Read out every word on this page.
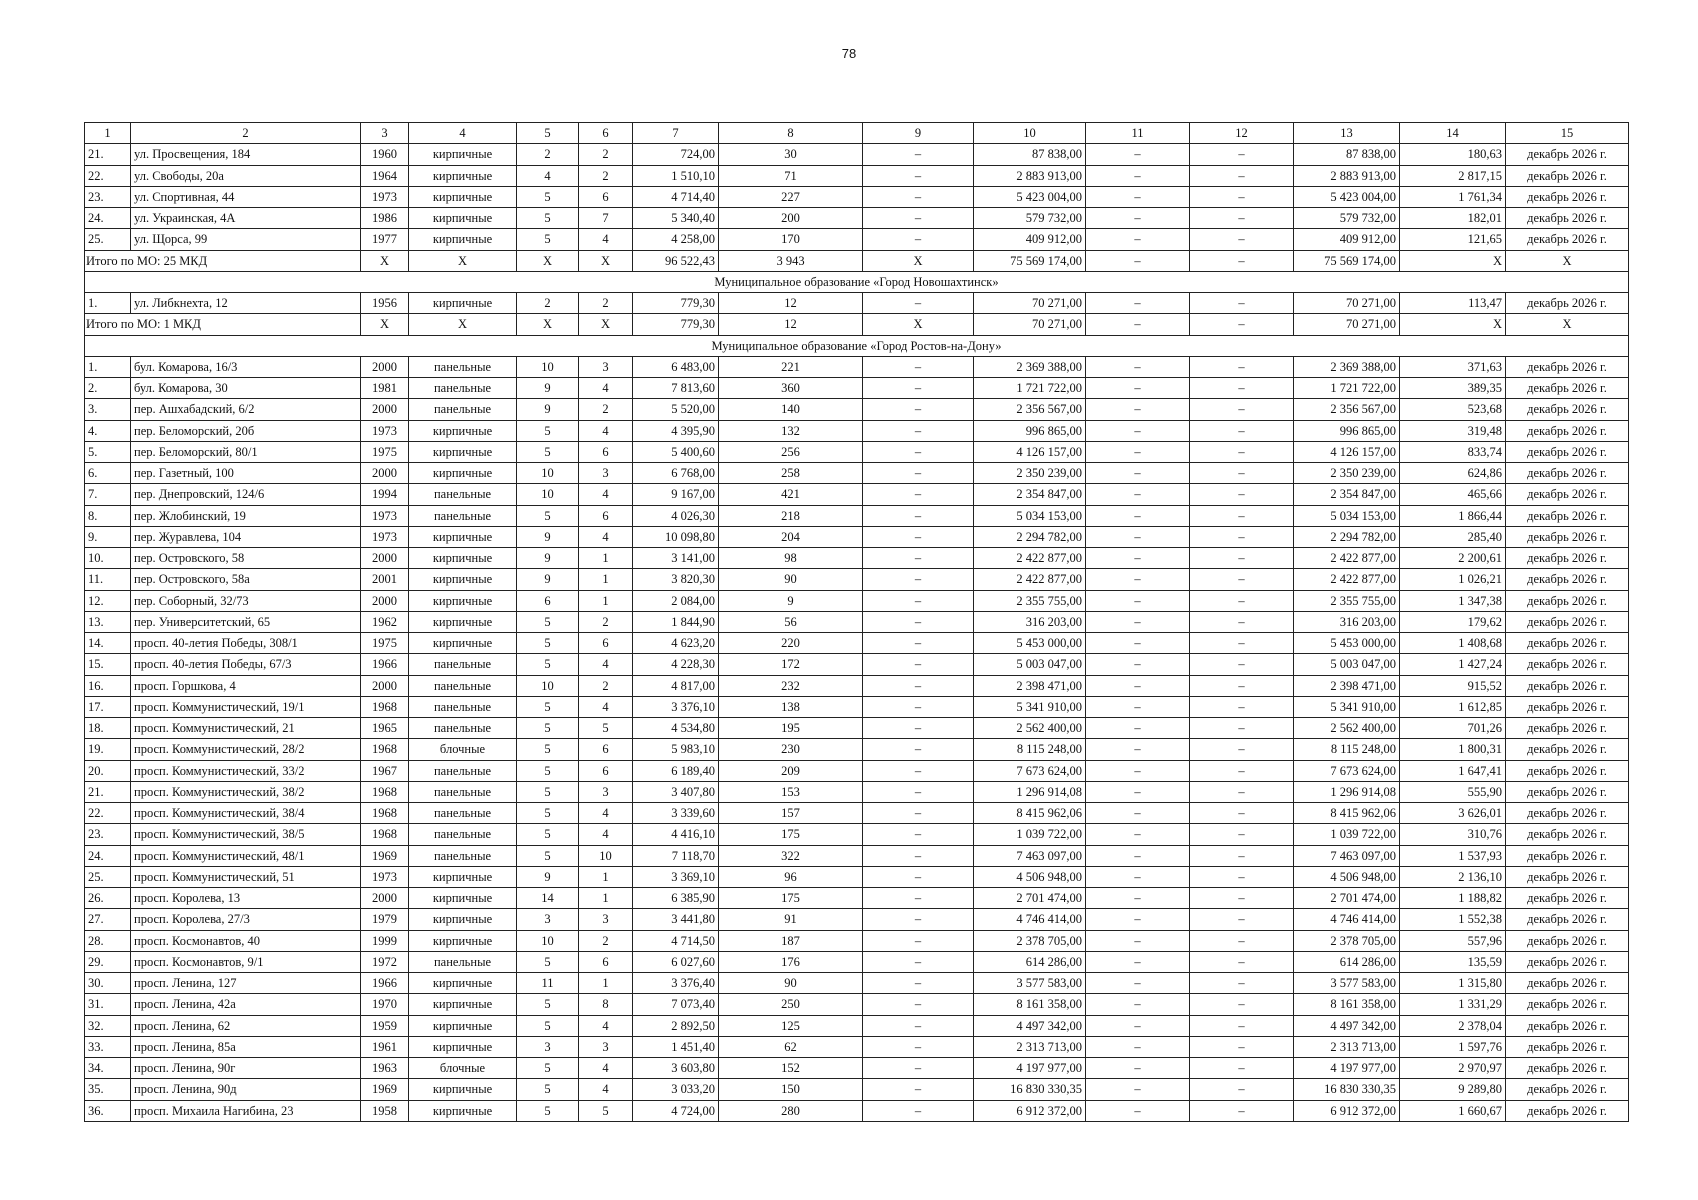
78
1	2	3	4	5	6	7	8	9	10	11	12	13	14	15
21.	ул. Просвещения, 184	1960	кирпичные	2	2	724,00	30	–	87 838,00	–	–	87 838,00	180,63	декабрь 2026 г.
22.	ул. Свободы, 20а	1964	кирпичные	4	2	1 510,10	71	–	2 883 913,00	–	–	2 883 913,00	2 817,15	декабрь 2026 г.
23.	ул. Спортивная, 44	1973	кирпичные	5	6	4 714,40	227	–	5 423 004,00	–	–	5 423 004,00	1 761,34	декабрь 2026 г.
24.	ул. Украинская, 4А	1986	кирпичные	5	7	5 340,40	200	–	579 732,00	–	–	579 732,00	182,01	декабрь 2026 г.
25.	ул. Щорса, 99	1977	кирпичные	5	4	4 258,00	170	–	409 912,00	–	–	409 912,00	121,65	декабрь 2026 г.
Итого по МО: 25 МКД		X	X	X	X	96 522,43	3 943	X	75 569 174,00	–	–	75 569 174,00	X	X
Муниципальное образование «Город Новошахтинск»														
1.	ул. Либкнехта, 12	1956	кирпичные	2	2	779,30	12	–	70 271,00	–	–	70 271,00	113,47	декабрь 2026 г.
Итого по МО: 1 МКД		X	X	X	X	779,30	12	X	70 271,00	–	–	70 271,00	X	X
Муниципальное образование «Город Ростов-на-Дону»														
1.	бул. Комарова, 16/3	2000	панельные	10	3	6 483,00	221	–	2 369 388,00	–	–	2 369 388,00	371,63	декабрь 2026 г.
2.	бул. Комарова, 30	1981	панельные	9	4	7 813,60	360	–	1 721 722,00	–	–	1 721 722,00	389,35	декабрь 2026 г.
3.	пер. Ашхабадский, 6/2	2000	панельные	9	2	5 520,00	140	–	2 356 567,00	–	–	2 356 567,00	523,68	декабрь 2026 г.
4.	пер. Беломорский, 20б	1973	кирпичные	5	4	4 395,90	132	–	996 865,00	–	–	996 865,00	319,48	декабрь 2026 г.
5.	пер. Беломорский, 80/1	1975	кирпичные	5	6	5 400,60	256	–	4 126 157,00	–	–	4 126 157,00	833,74	декабрь 2026 г.
6.	пер. Газетный, 100	2000	кирпичные	10	3	6 768,00	258	–	2 350 239,00	–	–	2 350 239,00	624,86	декабрь 2026 г.
7.	пер. Днепровский, 124/6	1994	панельные	10	4	9 167,00	421	–	2 354 847,00	–	–	2 354 847,00	465,66	декабрь 2026 г.
8.	пер. Жлобинский, 19	1973	панельные	5	6	4 026,30	218	–	5 034 153,00	–	–	5 034 153,00	1 866,44	декабрь 2026 г.
9.	пер. Журавлева, 104	1973	кирпичные	9	4	10 098,80	204	–	2 294 782,00	–	–	2 294 782,00	285,40	декабрь 2026 г.
10.	пер. Островского, 58	2000	кирпичные	9	1	3 141,00	98	–	2 422 877,00	–	–	2 422 877,00	2 200,61	декабрь 2026 г.
11.	пер. Островского, 58а	2001	кирпичные	9	1	3 820,30	90	–	2 422 877,00	–	–	2 422 877,00	1 026,21	декабрь 2026 г.
12.	пер. Соборный, 32/73	2000	кирпичные	6	1	2 084,00	9	–	2 355 755,00	–	–	2 355 755,00	1 347,38	декабрь 2026 г.
13.	пер. Университетский, 65	1962	кирпичные	5	2	1 844,90	56	–	316 203,00	–	–	316 203,00	179,62	декабрь 2026 г.
14.	просп. 40-летия Победы, 308/1	1975	кирпичные	5	6	4 623,20	220	–	5 453 000,00	–	–	5 453 000,00	1 408,68	декабрь 2026 г.
15.	просп. 40-летия Победы, 67/3	1966	панельные	5	4	4 228,30	172	–	5 003 047,00	–	–	5 003 047,00	1 427,24	декабрь 2026 г.
16.	просп. Горшкова, 4	2000	панельные	10	2	4 817,00	232	–	2 398 471,00	–	–	2 398 471,00	915,52	декабрь 2026 г.
17.	просп. Коммунистический, 19/1	1968	панельные	5	4	3 376,10	138	–	5 341 910,00	–	–	5 341 910,00	1 612,85	декабрь 2026 г.
18.	просп. Коммунистический, 21	1965	панельные	5	5	4 534,80	195	–	2 562 400,00	–	–	2 562 400,00	701,26	декабрь 2026 г.
19.	просп. Коммунистический, 28/2	1968	блочные	5	6	5 983,10	230	–	8 115 248,00	–	–	8 115 248,00	1 800,31	декабрь 2026 г.
20.	просп. Коммунистический, 33/2	1967	панельные	5	6	6 189,40	209	–	7 673 624,00	–	–	7 673 624,00	1 647,41	декабрь 2026 г.
21.	просп. Коммунистический, 38/2	1968	панельные	5	3	3 407,80	153	–	1 296 914,08	–	–	1 296 914,08	555,90	декабрь 2026 г.
22.	просп. Коммунистический, 38/4	1968	панельные	5	4	3 339,60	157	–	8 415 962,06	–	–	8 415 962,06	3 626,01	декабрь 2026 г.
23.	просп. Коммунистический, 38/5	1968	панельные	5	4	4 416,10	175	–	1 039 722,00	–	–	1 039 722,00	310,76	декабрь 2026 г.
24.	просп. Коммунистический, 48/1	1969	панельные	5	10	7 118,70	322	–	7 463 097,00	–	–	7 463 097,00	1 537,93	декабрь 2026 г.
25.	просп. Коммунистический, 51	1973	кирпичные	9	1	3 369,10	96	–	4 506 948,00	–	–	4 506 948,00	2 136,10	декабрь 2026 г.
26.	просп. Королева, 13	2000	кирпичные	14	1	6 385,90	175	–	2 701 474,00	–	–	2 701 474,00	1 188,82	декабрь 2026 г.
27.	просп. Королева, 27/3	1979	кирпичные	3	3	3 441,80	91	–	4 746 414,00	–	–	4 746 414,00	1 552,38	декабрь 2026 г.
28.	просп. Космонавтов, 40	1999	кирпичные	10	2	4 714,50	187	–	2 378 705,00	–	–	2 378 705,00	557,96	декабрь 2026 г.
29.	просп. Космонавтов, 9/1	1972	панельные	5	6	6 027,60	176	–	614 286,00	–	–	614 286,00	135,59	декабрь 2026 г.
30.	просп. Ленина, 127	1966	кирпичные	11	1	3 376,40	90	–	3 577 583,00	–	–	3 577 583,00	1 315,80	декабрь 2026 г.
31.	просп. Ленина, 42а	1970	кирпичные	5	8	7 073,40	250	–	8 161 358,00	–	–	8 161 358,00	1 331,29	декабрь 2026 г.
32.	просп. Ленина, 62	1959	кирпичные	5	4	2 892,50	125	–	4 497 342,00	–	–	4 497 342,00	2 378,04	декабрь 2026 г.
33.	просп. Ленина, 85а	1961	кирпичные	3	3	1 451,40	62	–	2 313 713,00	–	–	2 313 713,00	1 597,76	декабрь 2026 г.
34.	просп. Ленина, 90г	1963	блочные	5	4	3 603,80	152	–	4 197 977,00	–	–	4 197 977,00	2 970,97	декабрь 2026 г.
35.	просп. Ленина, 90д	1969	кирпичные	5	4	3 033,20	150	–	16 830 330,35	–	–	16 830 330,35	9 289,80	декабрь 2026 г.
36.	просп. Михаила Нагибина, 23	1958	кирпичные	5	5	4 724,00	280	–	6 912 372,00	–	–	6 912 372,00	1 660,67	декабрь 2026 г.
